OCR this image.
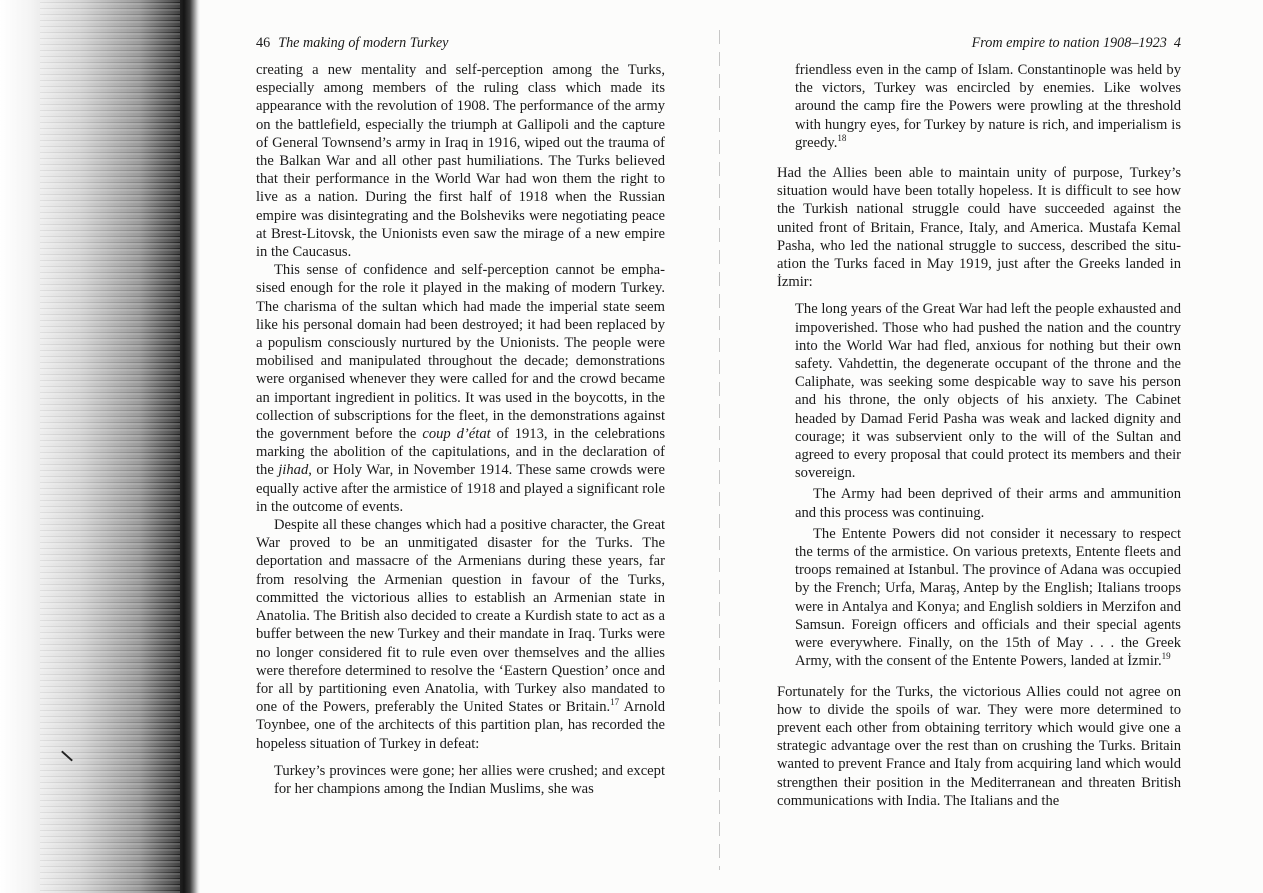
46 The making of modern Turkey

creating a new mentality and self-perception among the Turks, especially among members of the ruling class which made its appearance with the revolution of 1908. The performance of the army on the battlefield, especially the triumph at Gallipoli and the capture of General Townsend’s army in Iraq in 1916, wiped out the trauma of the Balkan War and all other past humiliations. The Turks believed that their performance in the World War had won them the right to live as a nation. During the first half of 1918 when the Russian empire was disintegrating and the Bolsheviks were negotiating peace at Brest-Litovsk, the Unionists even saw the mirage of a new empire in the Caucasus.

This sense of confidence and self-perception cannot be emphasised enough for the role it played in the making of modern Turkey. The charisma of the sultan which had made the imperial state seem like his personal domain had been destroyed; it had been replaced by a populism consciously nurtured by the Unionists. The people were mobilised and manipulated throughout the decade; demonstrations were organised whenever they were called for and the crowd became an important ingredient in politics. It was used in the boycotts, in the collection of subscriptions for the fleet, in the demonstrations against the government before the coup d’état of 1913, in the celebrations marking the abolition of the capitulations, and in the declaration of the jihad, or Holy War, in November 1914. These same crowds were equally active after the armistice of 1918 and played a significant role in the outcome of events.

Despite all these changes which had a positive character, the Great War proved to be an unmitigated disaster for the Turks. The deportation and massacre of the Armenians during these years, far from resolving the Armenian question in favour of the Turks, committed the victorious allies to establish an Armenian state in Anatolia. The British also decided to create a Kurdish state to act as a buffer between the new Turkey and their mandate in Iraq. Turks were no longer considered fit to rule even over themselves and the allies were therefore determined to resolve the ‘Eastern Question’ once and for all by partitioning even Anatolia, with Turkey also mandated to one of the Powers, preferably the United States or Britain.$^{17}$ Arnold Toynbee, one of the architects of this partition plan, has recorded the hopeless situation of Turkey in defeat:

Turkey’s provinces were gone; her allies were crushed; and except for her champions among the Indian Muslims, she was

From empire to nation 1908–1923 4

friendless even in the camp of Islam. Constantinople was held by the victors, Turkey was encircled by enemies. Like wolves around the camp fire the Powers were prowling at the threshold with hungry eyes, for Turkey by nature is rich, and imperialism is greedy.$^{18}$

Had the Allies been able to maintain unity of purpose, Turkey’s situation would have been totally hopeless. It is difficult to see how the Turkish national struggle could have succeeded against the united front of Britain, France, Italy, and America. Mustafa Kemal Pasha, who led the national struggle to success, described the situation the Turks faced in May 1919, just after the Greeks landed in İzmir:

The long years of the Great War had left the people exhausted and impoverished. Those who had pushed the nation and the country into the World War had fled, anxious for nothing but their own safety. Vahdettin, the degenerate occupant of the throne and the Caliphate, was seeking some despicable way to save his person and his throne, the only objects of his anxiety. The Cabinet headed by Damad Ferid Pasha was weak and lacked dignity and courage; it was subservient only to the will of the Sultan and agreed to every proposal that could protect its members and their sovereign.

The Army had been deprived of their arms and ammunition and this process was continuing.

The Entente Powers did not consider it necessary to respect the terms of the armistice. On various pretexts, Entente fleets and troops remained at Istanbul. The province of Adana was occupied by the French; Urfa, Maraş, Antep by the English; Italians troops were in Antalya and Konya; and English soldiers in Merzifon and Samsun. Foreign officers and officials and their special agents were everywhere. Finally, on the 15th of May . . . the Greek Army, with the consent of the Entente Powers, landed at İzmir.$^{19}$

Fortunately for the Turks, the victorious Allies could not agree on how to divide the spoils of war. They were more determined to prevent each other from obtaining territory which would give one a strategic advantage over the rest than on crushing the Turks. Britain wanted to prevent France and Italy from acquiring land which would strengthen their position in the Mediterranean and threaten British communications with India. The Italians and the
